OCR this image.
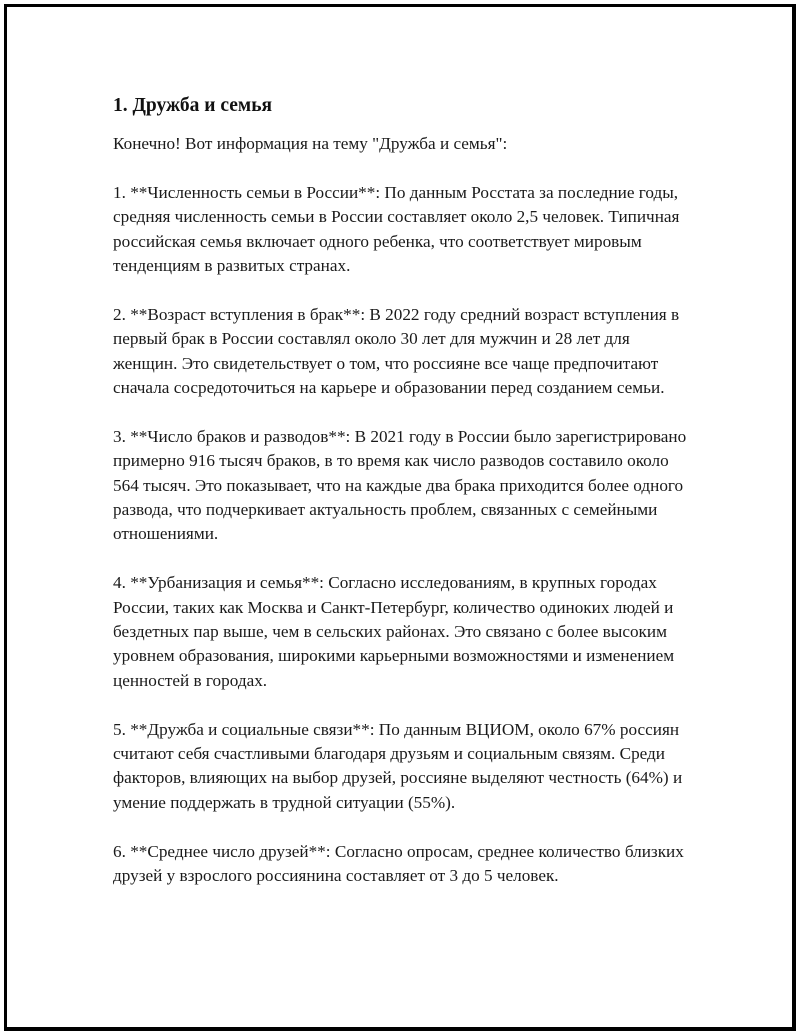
1. Дружба и семья

Конечно! Вот информация на тему "Дружба и семья":

1. **Численность семьи в России**: По данным Росстата за последние годы, средняя численность семьи в России составляет около 2,5 человек. Типичная российская семья включает одного ребенка, что соответствует мировым тенденциям в развитых странах.

2. **Возраст вступления в брак**: В 2022 году средний возраст вступления в первый брак в России составлял около 30 лет для мужчин и 28 лет для женщин. Это свидетельствует о том, что россияне все чаще предпочитают сначала сосредоточиться на карьере и образовании перед созданием семьи.

3. **Число браков и разводов**: В 2021 году в России было зарегистрировано примерно 916 тысяч браков, в то время как число разводов составило около 564 тысяч. Это показывает, что на каждые два брака приходится более одного развода, что подчеркивает актуальность проблем, связанных с семейными отношениями.

4. **Урбанизация и семья**: Согласно исследованиям, в крупных городах России, таких как Москва и Санкт-Петербург, количество одиноких людей и бездетных пар выше, чем в сельских районах. Это связано с более высоким уровнем образования, широкими карьерными возможностями и изменением ценностей в городах.

5. **Дружба и социальные связи**: По данным ВЦИОМ, около 67% россиян считают себя счастливыми благодаря друзьям и социальным связям. Среди факторов, влияющих на выбор друзей, россияне выделяют честность (64%) и умение поддержать в трудной ситуации (55%).

6. **Среднее число друзей**: Согласно опросам, среднее количество близких друзей у взрослого россиянина составляет от 3 до 5 человек.
